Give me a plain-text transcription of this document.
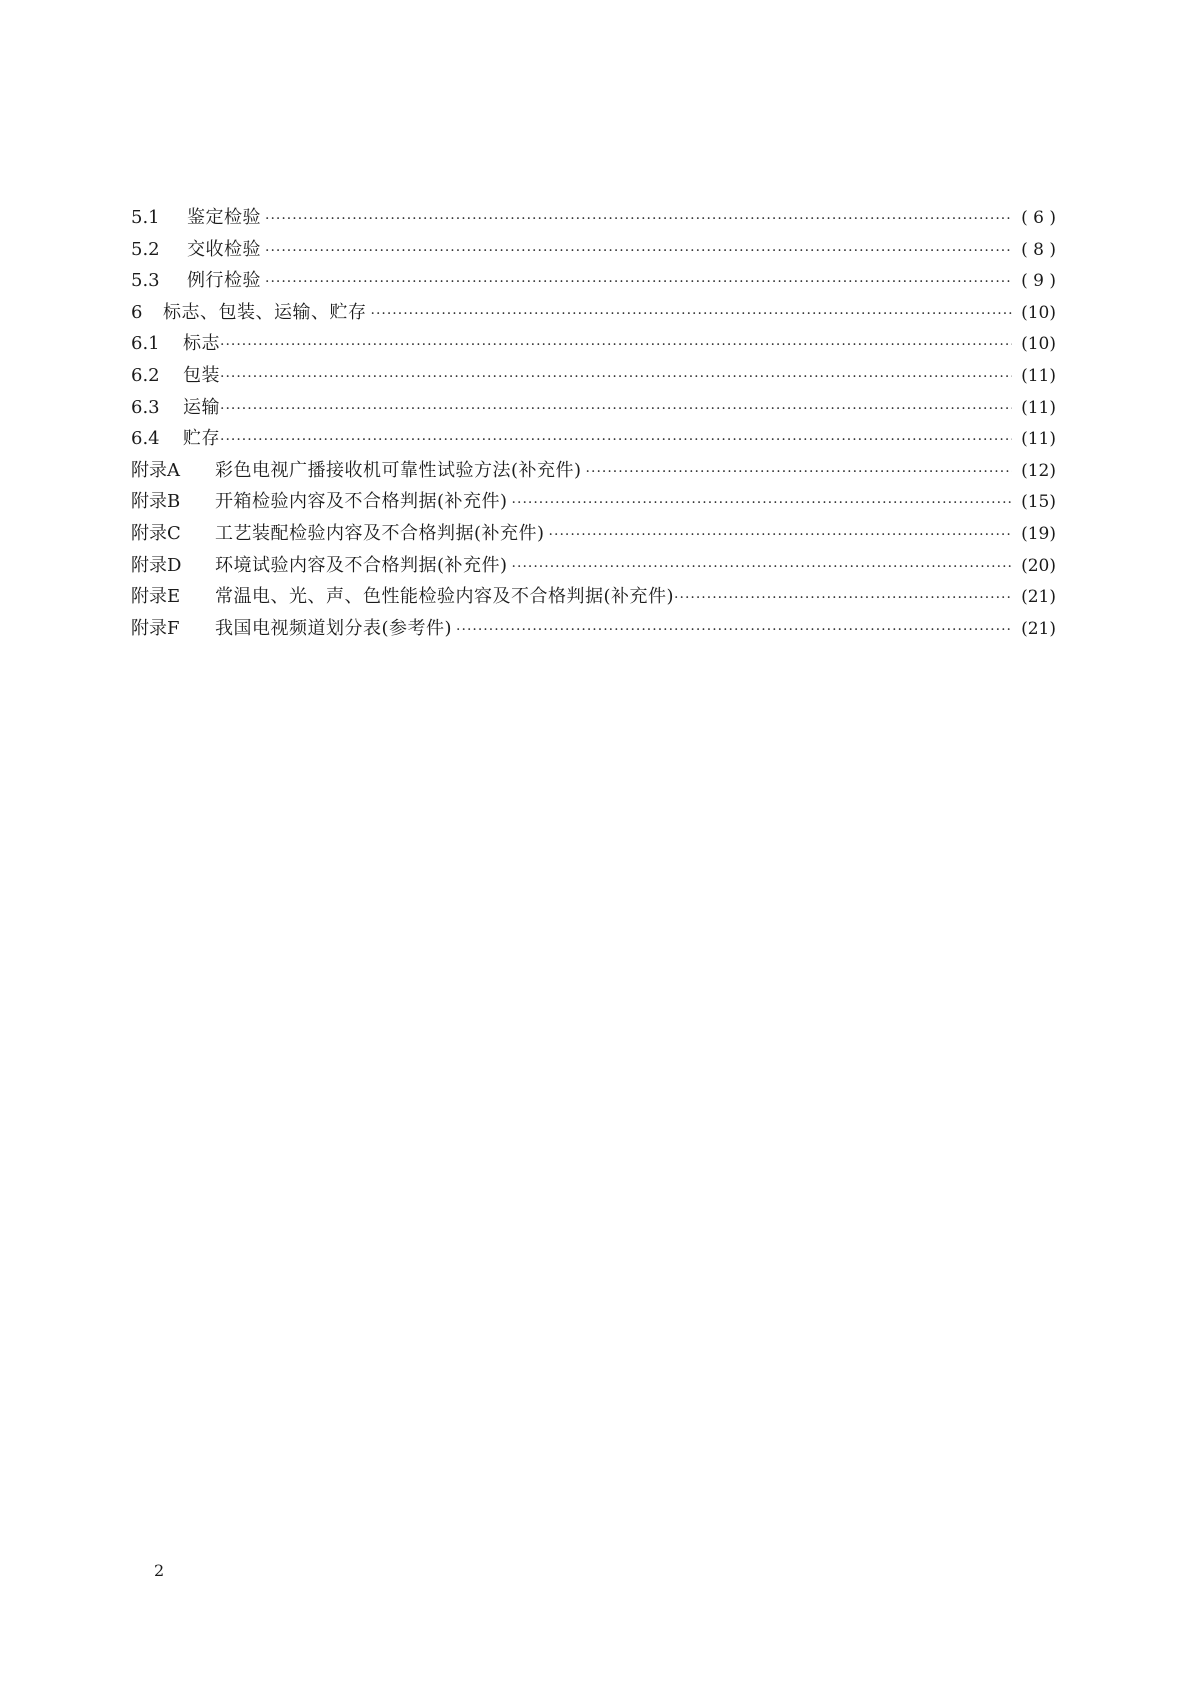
5.1	鉴定检验 ·····	( 6 )
5.2	交收检验 ·····	( 8 )
5.3	例行检验 ·····	( 9 )
6	标志、包装、运输、贮存 ·····	(10)
6.1	标志 ·····	(10)
6.2	包装 ·····	(11)
6.3	运输 ·····	(11)
6.4	贮存 ·····	(11)
附录A	彩色电视广播接收机可靠性试验方法(补充件) ·····	(12)
附录B	开箱检验内容及不合格判据(补充件) ·····	(15)
附录C	工艺装配检验内容及不合格判据(补充件) ·····	(19)
附录D	环境试验内容及不合格判据(补充件) ·····	(20)
附录E	常温电、光、声、色性能检验内容及不合格判据(补充件) ·····	(21)
附录F	我国电视频道划分表(参考件) ·····	(21)
2
